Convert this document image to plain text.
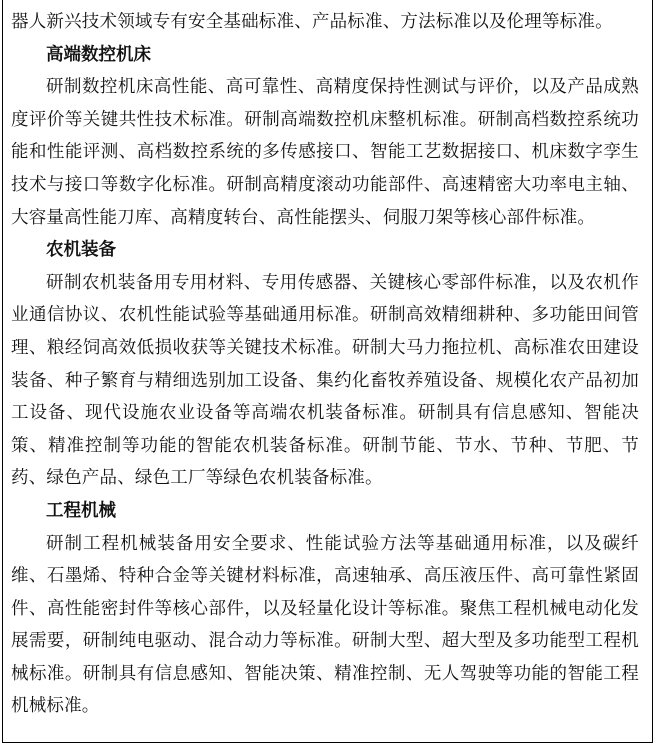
器人新兴技术领域专有安全基础标准、产品标准、方法标准以及伦理等标准。

高端数控机床

研制数控机床高性能、高可靠性、高精度保持性测试与评价，以及产品成熟度评价等关键共性技术标准。研制高端数控机床整机标准。研制高档数控系统功能和性能评测、高档数控系统的多传感接口、智能工艺数据接口、机床数字孪生技术与接口等数字化标准。研制高精度滚动功能部件、高速精密大功率电主轴、大容量高性能刀库、高精度转台、高性能摆头、伺服刀架等核心部件标准。

农机装备

研制农机装备用专用材料、专用传感器、关键核心零部件标准，以及农机作业通信协议、农机性能试验等基础通用标准。研制高效精细耕种、多功能田间管理、粮经饲高效低损收获等关键技术标准。研制大马力拖拉机、高标准农田建设装备、种子繁育与精细选别加工设备、集约化畜牧养殖设备、规模化农产品初加工设备、现代设施农业设备等高端农机装备标准。研制具有信息感知、智能决策、精准控制等功能的智能农机装备标准。研制节能、节水、节种、节肥、节药、绿色产品、绿色工厂等绿色农机装备标准。

工程机械

研制工程机械装备用安全要求、性能试验方法等基础通用标准，以及碳纤维、石墨烯、特种合金等关键材料标准，高速轴承、高压液压件、高可靠性紧固件、高性能密封件等核心部件，以及轻量化设计等标准。聚焦工程机械电动化发展需要，研制纯电驱动、混合动力等标准。研制大型、超大型及多功能型工程机械标准。研制具有信息感知、智能决策、精准控制、无人驾驶等功能的智能工程机械标准。
